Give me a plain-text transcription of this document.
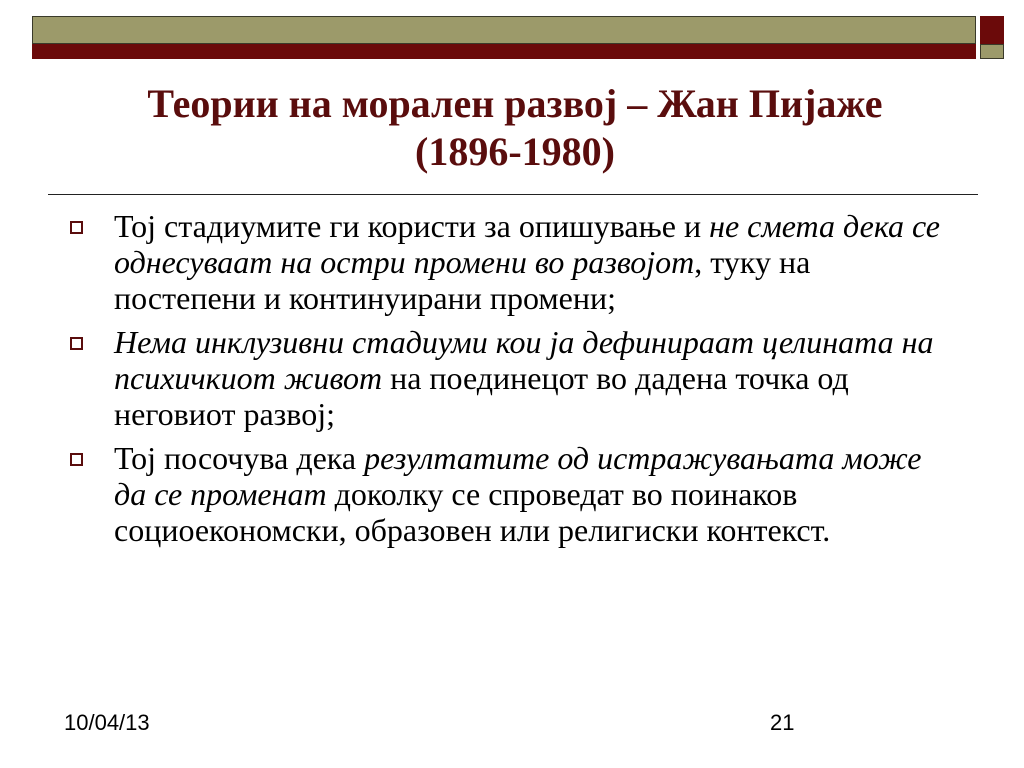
Теории на морален развој – Жан Пијаже
(1896-1980)
Тој стадиумите ги користи за опишување и не смета дека се однесуваат на остри промени во развојот, туку на постепени и континуирани промени;
Нема инклузивни стадиуми кои ја дефинираат целината на психичкиот живот на поединецот во дадена точка од неговиот развој;
Тој посочува дека резултатите од истражувањата може да се променат доколку се спроведат во поинаков социоекономски, образовен или религиски контекст.
10/04/13	21
